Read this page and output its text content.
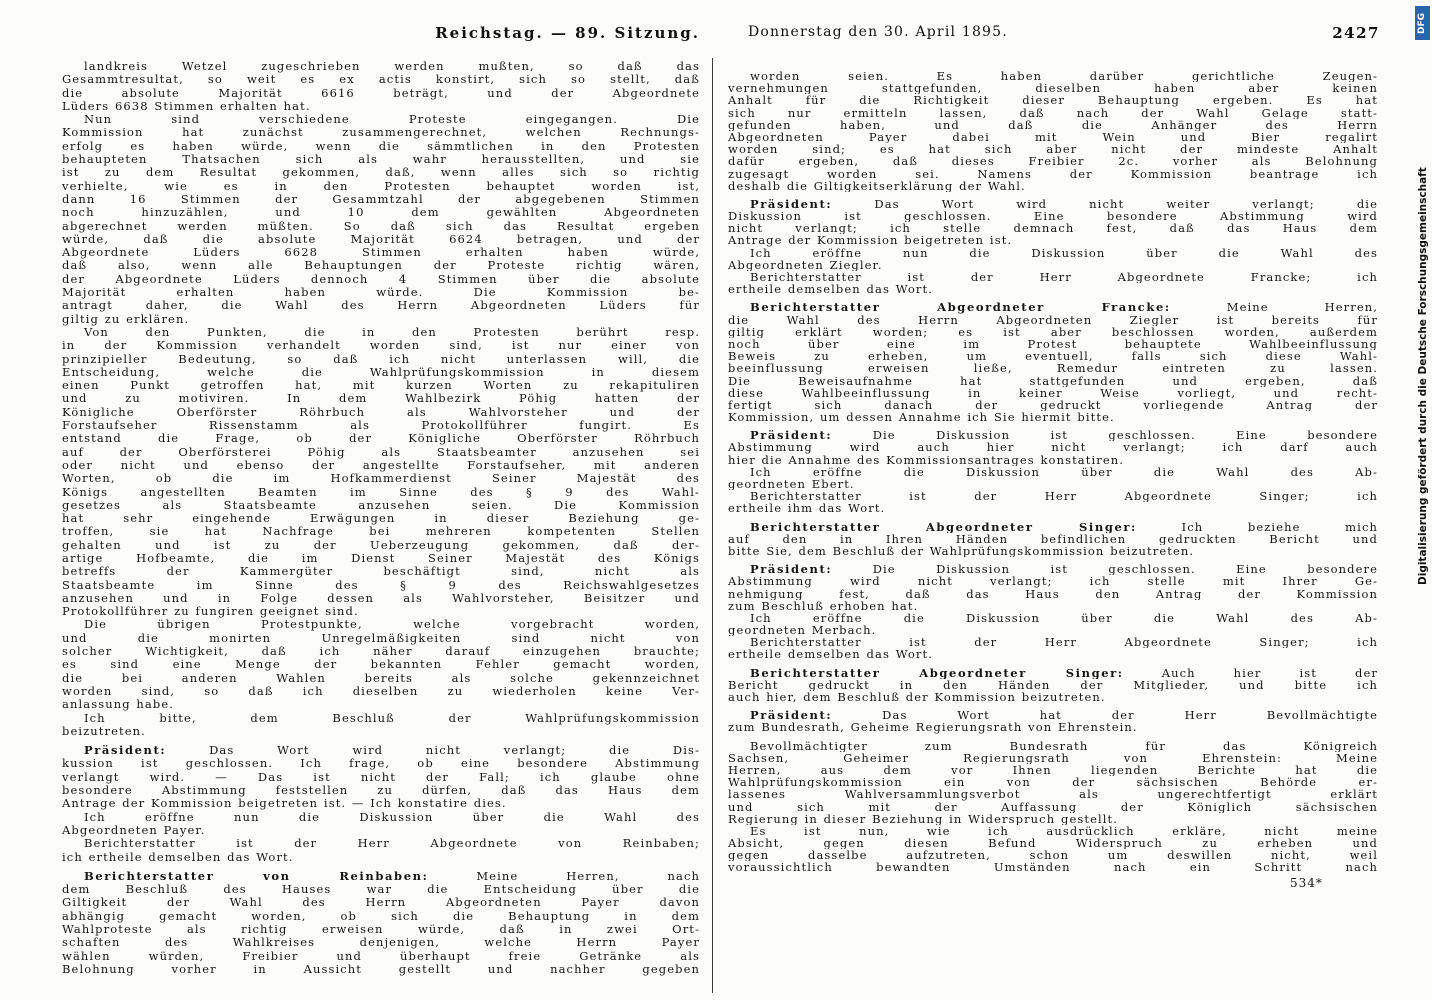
Reichstag. — 89. Sitzung.	Donnerstag den 30. April 1895.	2427
landkreis Wetzel zugeschrieben werden mußten, so daß das
Gesammtresultat, so weit es ex actis konstirt, sich so stellt, daß
die absolute Majorität 6616 beträgt, und der Abgeordnete
Lüders 6638 Stimmen erhalten hat.
Nun sind verschiedene Proteste eingegangen. Die
Kommission hat zunächst zusammengerechnet, welchen Rechnungs-
erfolg es haben würde, wenn die sämmtlichen in den Protesten
behaupteten Thatsachen sich als wahr herausstellten, und sie
ist zu dem Resultat gekommen, daß, wenn alles sich so richtig
verhielte, wie es in den Protesten behauptet worden ist,
dann 16 Stimmen der Gesammtzahl der abgegebenen Stimmen
noch hinzuzählen, und 10 dem gewählten Abgeordneten
abgerechnet werden müßten. So daß sich das Resultat ergeben
würde, daß die absolute Majorität 6624 betragen, und der
Abgeordnete Lüders 6628 Stimmen erhalten haben würde,
daß also, wenn alle Behauptungen der Proteste richtig wären,
der Abgeordnete Lüders dennoch 4 Stimmen über die absolute
Majorität erhalten haben würde. Die Kommission be-
antragt daher, die Wahl des Herrn Abgeordneten Lüders für
giltig zu erklären.
Von den Punkten, die in den Protesten berührt resp.
in der Kommission verhandelt worden sind, ist nur einer von
prinzipieller Bedeutung, so daß ich nicht unterlassen will, die
Entscheidung, welche die Wahlprüfungskommission in diesem
einen Punkt getroffen hat, mit kurzen Worten zu rekapituliren
und zu motiviren. In dem Wahlbezirk Pöhig hatten der
Königliche Oberförster Röhrbuch als Wahlvorsteher und der
Forstaufseher Rissenstamm als Protokollführer fungirt. Es
entstand die Frage, ob der Königliche Oberförster Röhrbuch
auf der Oberförsterei Pöhig als Staatsbeamter anzusehen sei
oder nicht und ebenso der angestellte Forstaufseher, mit anderen
Worten, ob die im Hofkammerdienst Seiner Majestät des
Königs angestellten Beamten im Sinne des § 9 des Wahl-
gesetzes als Staatsbeamte anzusehen seien. Die Kommission
hat sehr eingehende Erwägungen in dieser Beziehung ge-
troffen, sie hat Nachfrage bei mehreren kompetenten Stellen
gehalten und ist zu der Ueberzeugung gekommen, daß der-
artige Hofbeamte, die im Dienst Seiner Majestät des Königs
betreffs der Kammergüter beschäftigt sind, nicht als
Staatsbeamte im Sinne des § 9 des Reichswahlgesetzes
anzusehen und in Folge dessen als Wahlvorsteher, Beisitzer und
Protokollführer zu fungiren geeignet sind.
Die übrigen Protestpunkte, welche vorgebracht worden,
und die monirten Unregelmäßigkeiten sind nicht von
solcher Wichtigkeit, daß ich näher darauf einzugehen brauchte;
es sind eine Menge der bekannten Fehler gemacht worden,
die bei anderen Wahlen bereits als solche gekennzeichnet
worden sind, so daß ich dieselben zu wiederholen keine Ver-
anlassung habe.
Ich bitte, dem Beschluß der Wahlprüfungskommission
beizutreten.
Präsident:	Das Wort wird nicht verlangt; die Dis-
kussion ist geschlossen. Ich frage, ob eine besondere Abstimmung
verlangt wird. — Das ist nicht der Fall; ich glaube ohne
besondere Abstimmung feststellen zu dürfen, daß das Haus dem
Antrage der Kommission beigetreten ist. — Ich konstatire dies.
Ich eröffne nun die Diskussion über die Wahl des
Abgeordneten Payer.
Berichterstatter ist der Herr Abgeordnete von Reinbaben;
ich ertheile demselben das Wort.
Berichterstatter von Reinbaben:	Meine Herren, nach
dem Beschluß des Hauses war die Entscheidung über die
Giltigkeit der Wahl des Herrn Abgeordneten Payer davon
abhängig gemacht worden, ob sich die Behauptung in dem
Wahlproteste als richtig erweisen würde, daß in zwei Ort-
schaften des Wahlkreises denjenigen, welche Herrn Payer
wählen würden, Freibier und überhaupt freie Getränke als
Belohnung vorher in Aussicht gestellt und nachher gegeben
worden seien. Es haben darüber gerichtliche Zeugen-
vernehmungen stattgefunden, dieselben haben aber keinen
Anhalt für die Richtigkeit dieser Behauptung ergeben. Es hat
sich nur ermitteln lassen, daß nach der Wahl Gelage statt-
gefunden haben, und daß die Anhänger des Herrn
Abgeordneten Payer dabei mit Wein und Bier regalirt
worden sind; es hat sich aber nicht der mindeste Anhalt
dafür ergeben, daß dieses Freibier 2c. vorher als Belohnung
zugesagt worden sei. Namens der Kommission beantrage ich
deshalb die Giltigkeitserklärung der Wahl.
Präsident:	Das Wort wird nicht weiter verlangt; die
Diskussion ist geschlossen. Eine besondere Abstimmung wird
nicht verlangt; ich stelle demnach fest, daß das Haus dem
Antrage der Kommission beigetreten ist.
Ich eröffne nun die Diskussion über die Wahl des
Abgeordneten Ziegler.
Berichterstatter ist der Herr Abgeordnete Francke; ich
ertheile demselben das Wort.
Berichterstatter Abgeordneter Francke:	Meine Herren,
die Wahl des Herrn Abgeordneten Ziegler ist bereits für
giltig erklärt worden; es ist aber beschlossen worden, außerdem
noch über eine im Protest behauptete Wahlbeeinflussung
Beweis zu erheben, um eventuell, falls sich diese Wahl-
beeinflussung erweisen ließe, Remedur eintreten zu lassen.
Die Beweisaufnahme hat stattgefunden und ergeben, daß
diese Wahlbeeinflussung in keiner Weise vorliegt, und recht-
fertigt sich danach der gedruckt vorliegende Antrag der
Kommission, um dessen Annahme ich Sie hiermit bitte.
Präsident:	Die Diskussion ist geschlossen. Eine besondere
Abstimmung wird auch hier nicht verlangt; ich darf auch
hier die Annahme des Kommissionsantrages konstatiren.
Ich eröffne die Diskussion über die Wahl des Ab-
geordneten Ebert.
Berichterstatter ist der Herr Abgeordnete Singer; ich
ertheile ihm das Wort.
Berichterstatter Abgeordneter Singer:	Ich beziehe mich
auf den in Ihren Händen befindlichen gedruckten Bericht und
bitte Sie, dem Beschluß der Wahlprüfungskommission beizutreten.
Präsident:	Die Diskussion ist geschlossen. Eine besondere
Abstimmung wird nicht verlangt; ich stelle mit Ihrer Ge-
nehmigung fest, daß das Haus den Antrag der Kommission
zum Beschluß erhoben hat.
Ich eröffne die Diskussion über die Wahl des Ab-
geordneten Merbach.
Berichterstatter ist der Herr Abgeordnete Singer; ich
ertheile demselben das Wort.
Berichterstatter Abgeordneter Singer:	Auch hier ist der
Bericht gedruckt in den Händen der Mitglieder, und bitte ich
auch hier, dem Beschluß der Kommission beizutreten.
Präsident:	Das Wort hat der Herr Bevollmächtigte
zum Bundesrath, Geheime Regierungsrath von Ehrenstein.
Bevollmächtigter zum Bundesrath für das Königreich
Sachsen, Geheimer Regierungsrath von Ehrenstein: Meine
Herren, aus dem vor Ihnen liegenden Berichte hat die
Wahlprüfungskommission ein von der sächsischen Behörde er-
lassenes Wahlversammlungsverbot als ungerechtfertigt erklärt
und sich mit der Auffassung der Königlich sächsischen
Regierung in dieser Beziehung in Widerspruch gestellt.
Es ist nun, wie ich ausdrücklich erkläre, nicht meine
Absicht, gegen diesen Befund Widerspruch zu erheben und
gegen dasselbe aufzutreten, schon um deswillen nicht, weil
voraussichtlich bewandten Umständen nach ein Schritt nach
534*
DFG
Digitalisierung gefördert durch die Deutsche Forschungsgemeinschaft
